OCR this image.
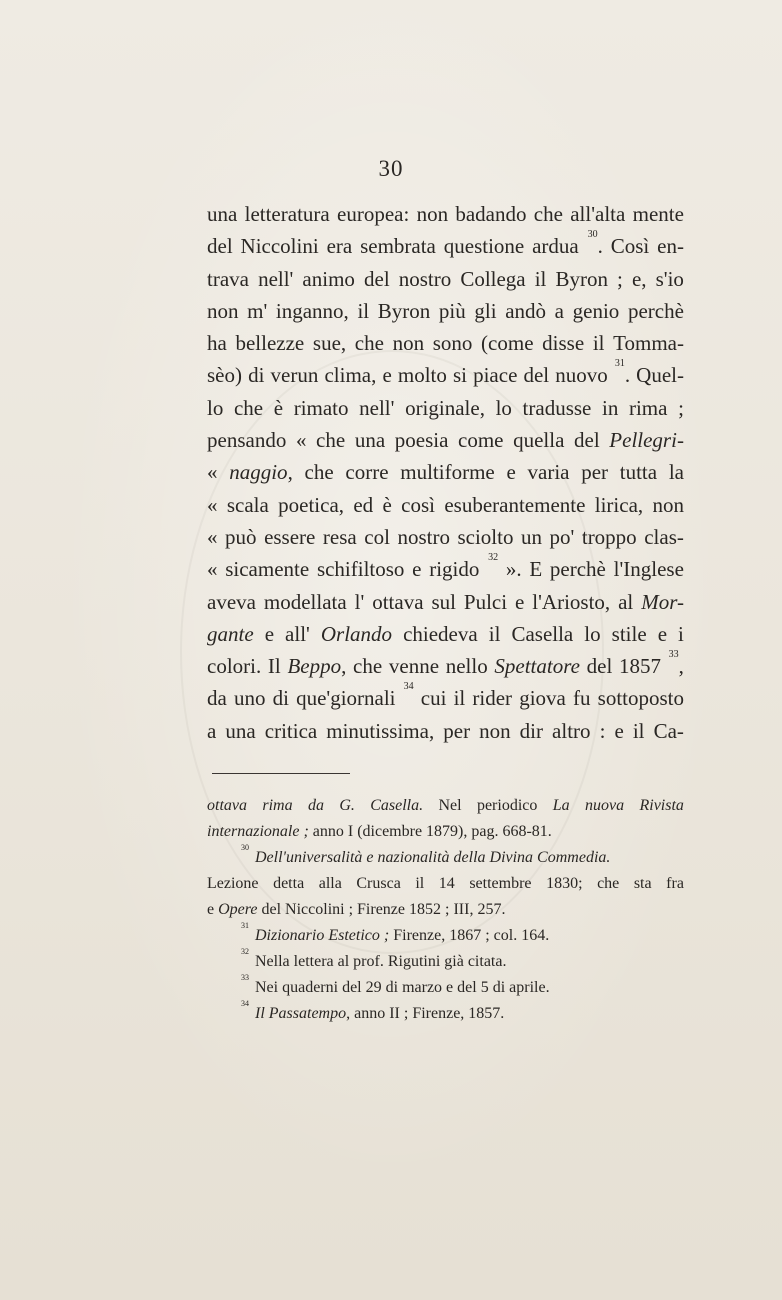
30
una letteratura europea: non badando che all'alta mente
del Niccolini era sembrata questione ardua $^{30}$. Così en-
trava nell' animo del nostro Collega il Byron ; e, s'io
non m' inganno, il Byron più gli andò a genio perchè
ha bellezze sue, che non sono (come disse il Tomma-
sèo) di verun clima, e molto si piace del nuovo $^{31}$. Quel-
lo che è rimato nell' originale, lo tradusse in rima ;
pensando « che una poesia come quella del Pellegri-
« naggio, che corre multiforme e varia per tutta la
« scala poetica, ed è così esuberantemente lirica, non
« può essere resa col nostro sciolto un po' troppo clas-
« sicamente schifiltoso e rigido $^{32}$ ». E perchè l'Inglese
aveva modellata l' ottava sul Pulci e l'Ariosto, al Mor-
gante e all' Orlando chiedeva il Casella lo stile e i
colori. Il Beppo, che venne nello Spettatore del 1857 $^{33}$,
da uno di que'giornali $^{34}$ cui il rider giova fu sottoposto
a una critica minutissima, per non dir altro : e il Ca-
ottava rima da G. Casella. Nel periodico La nuova Rivista
internazionale ; anno I (dicembre 1879), pag. 668-81.
$^{30}$Dell'universalità e nazionalità della Divina Commedia.
Lezione detta alla Crusca il 14 settembre 1830; che sta fra
e Opere del Niccolini ; Firenze 1852 ; III, 257.
$^{31}$Dizionario Estetico ; Firenze, 1867 ; col. 164.
$^{32}$Nella lettera al prof. Rigutini già citata.
$^{33}$Nei quaderni del 29 di marzo e del 5 di aprile.
$^{34}$Il Passatempo, anno II ; Firenze, 1857.
